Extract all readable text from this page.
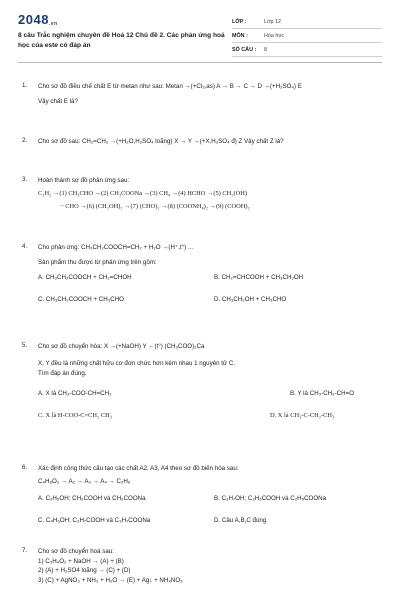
2048.vn
8 câu Trắc nghiệm chuyên đề Hoá 12 Chủ đề 2. Các phản ứng hoá học của este có đáp án
LỚP :	Lớp 12
MÔN :	Hóa học
SỐ CÂU :	8
1. Cho sơ đồ điều chế chất E từ metan như sau: Metan →(+Cl₂,as) A → B → C → D →(+H₂SO₄) E
Vậy chất E là?
2. Cho sơ đồ sau: CH₂=CH₂ →(+H₂O,H₂SO₄ loãng) X → Y →(+X,H₂SO₄ đ) Z Vậy chất Z là?
3. Hoàn thành sơ đồ phản ứng sau:
C₂H₂ →(1) CH₃CHO →(2) CH₃COONa →(3) CH₄ →(4) HCHO →(5) CH₂(OH)
− CHO →(6) (CH₂OH)₂ →(7) (CHO)₂ →(8) (COONH₄)₂ →(9) (COOH)₂
4. Cho phản ứng: CH₃CH₂COOCH=CH₂ + H₂O →(H⁺,t°) ...
Sản phẩm thu được từ phản ứng trên gồm:
A. CH₃CH₂COOCH + CH₂=CHOH	B. CH₂=CHCOOH + CH₃CH₂OH
C. CH₃CH₂COOCH + CH₃CHO	D. CH₃CH₂OH + CH₃CHO
5. Cho sơ đồ chuyển hóa: X →(+NaOH) Y ←(t°) (CH₃COO)₂Ca
X, Y đều là những chất hữu cơ đơn chức hơn kém nhau 1 nguyên tử C.
Tìm đáp án đúng.
A. X là CH₃-COO-CH=CH₂	B. Y là CH₃-CH₂-CH=O
C. X là H-COO-C=CH₂ CH₃	D. X là CH₃-C-CH₂-CH₃
6. Xác định công thức cấu tạo các chất A2, A3, A4 theo sơ đồ biến hóa sau:
C₄H₈O₂ → A₂ → A₃ → A₄ → C₂H₆
A. C₂H₅OH; CH₃COOH và CH₃COONa	B. C₃H₇OH; C₂H₅COOH và C₂H₅COONa
C. C₄H₉OH; C₃H₇COOH và C₃H₇COONa	D. Câu A,B,C đúng
7. Cho sơ đồ chuyển hoá sau:
1) C₃H₄O₂ + NaOH → (A) + (B)
2) (A) + H₂SO4 loãng → (C) + (D)
3) (C) + AgNO₃ + NH₃ + H₂O → (E) + Ag↓ + NH₄NO₃
